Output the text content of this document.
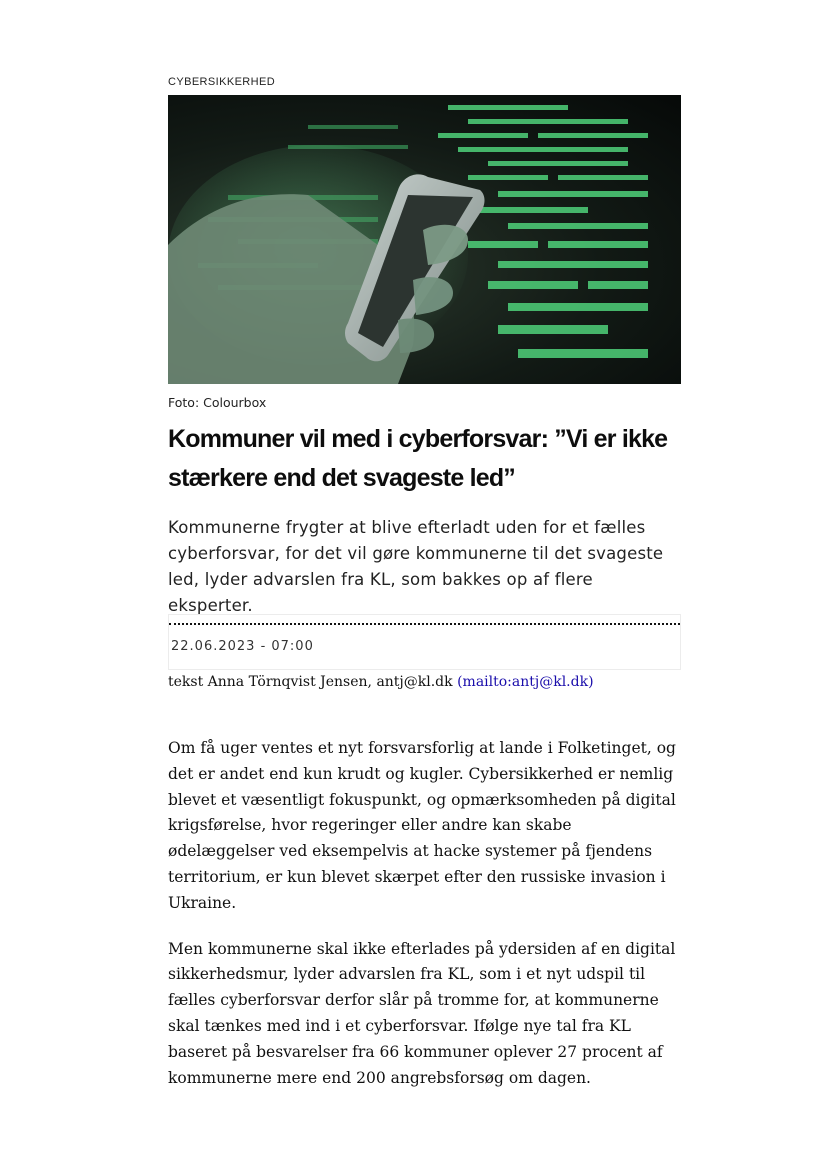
CYBERSIKKERHED
Foto: Colourbox
Kommuner vil med i cyberforsvar: ”Vi er ikke stærkere end det svageste led”

Kommunerne frygter at blive efterladt uden for et fælles cyberforsvar, for det vil gøre kommunerne til det svageste led, lyder advarslen fra KL, som bakkes op af flere eksperter.

22.06.2023 - 07:00
tekst Anna Törnqvist Jensen, antj@kl.dk (mailto:antj@kl.dk)

Om få uger ventes et nyt forsvarsforlig at lande i Folketinget, og det er andet end kun krudt og kugler. Cybersikkerhed er nemlig blevet et væsentligt fokuspunkt, og opmærksomheden på digital krigsførelse, hvor regeringer eller andre kan skabe ødelæggelser ved eksempelvis at hacke systemer på fjendens territorium, er kun blevet skærpet efter den russiske invasion i Ukraine.

Men kommunerne skal ikke efterlades på ydersiden af en digital sikkerhedsmur, lyder advarslen fra KL, som i et nyt udspil til fælles cyberforsvar derfor slår på tromme for, at kommunerne skal tænkes med ind i et cyberforsvar. Ifølge nye tal fra KL baseret på besvarelser fra 66 kommuner oplever 27 procent af kommunerne mere end 200 angrebsforsøg om dagen.
